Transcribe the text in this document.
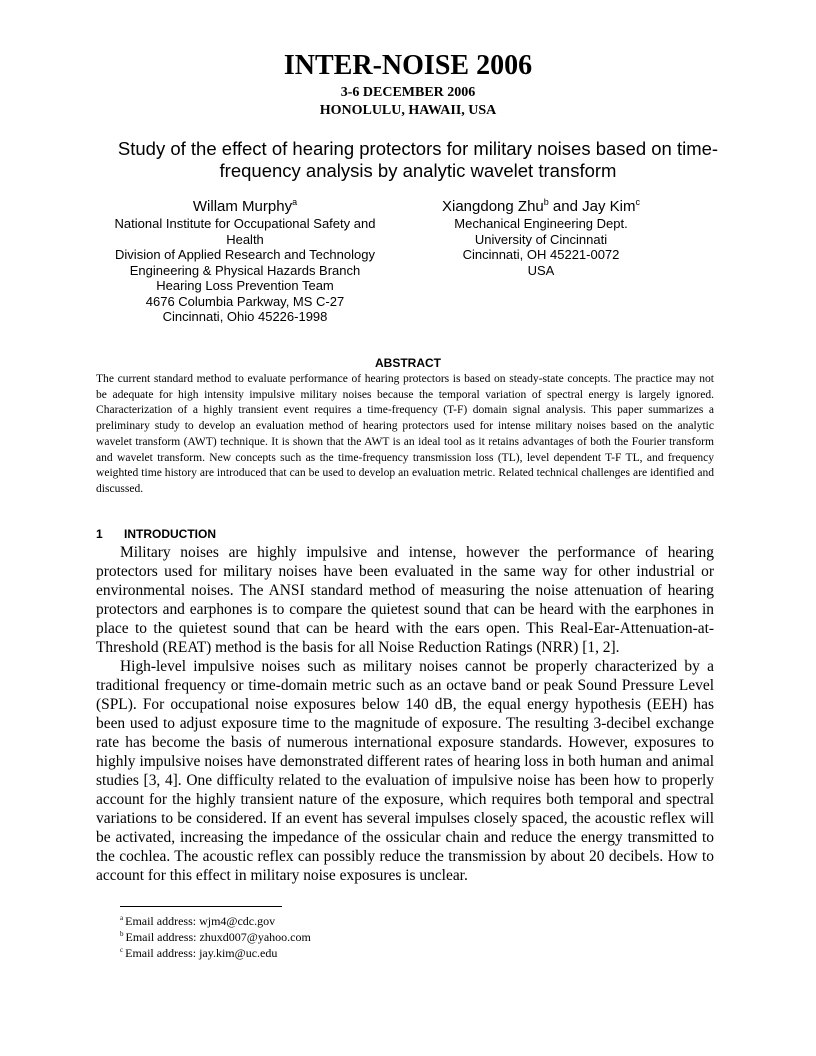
INTER-NOISE 2006
3-6 DECEMBER 2006
HONOLULU, HAWAII, USA
Study of the effect of hearing protectors for military noises based on time-frequency analysis by analytic wavelet transform
Willam Murphy$^a$
National Institute for Occupational Safety and Health
Division of Applied Research and Technology
Engineering & Physical Hazards Branch
Hearing Loss Prevention Team
4676 Columbia Parkway, MS C-27
Cincinnati, Ohio 45226-1998
Xiangdong Zhu$^b$ and Jay Kim$^c$
Mechanical Engineering Dept.
University of Cincinnati
Cincinnati, OH 45221-0072
USA
ABSTRACT
The current standard method to evaluate performance of hearing protectors is based on steady-state concepts. The practice may not be adequate for high intensity impulsive military noises because the temporal variation of spectral energy is largely ignored. Characterization of a highly transient event requires a time-frequency (T-F) domain signal analysis. This paper summarizes a preliminary study to develop an evaluation method of hearing protectors used for intense military noises based on the analytic wavelet transform (AWT) technique. It is shown that the AWT is an ideal tool as it retains advantages of both the Fourier transform and wavelet transform. New concepts such as the time-frequency transmission loss (TL), level dependent T-F TL, and frequency weighted time history are introduced that can be used to develop an evaluation metric. Related technical challenges are identified and discussed.
1 INTRODUCTION

Military noises are highly impulsive and intense, however the performance of hearing protectors used for military noises have been evaluated in the same way for other industrial or environmental noises. The ANSI standard method of measuring the noise attenuation of hearing protectors and earphones is to compare the quietest sound that can be heard with the earphones in place to the quietest sound that can be heard with the ears open. This Real-Ear-Attenuation-at-Threshold (REAT) method is the basis for all Noise Reduction Ratings (NRR) [1, 2].

High-level impulsive noises such as military noises cannot be properly characterized by a traditional frequency or time-domain metric such as an octave band or peak Sound Pressure Level (SPL). For occupational noise exposures below 140 dB, the equal energy hypothesis (EEH) has been used to adjust exposure time to the magnitude of exposure. The resulting 3-decibel exchange rate has become the basis of numerous international exposure standards. However, exposures to highly impulsive noises have demonstrated different rates of hearing loss in both human and animal studies [3, 4]. One difficulty related to the evaluation of impulsive noise has been how to properly account for the highly transient nature of the exposure, which requires both temporal and spectral variations to be considered. If an event has several impulses closely spaced, the acoustic reflex will be activated, increasing the impedance of the ossicular chain and reduce the energy transmitted to the cochlea. The acoustic reflex can possibly reduce the transmission by about 20 decibels. How to account for this effect in military noise exposures is unclear.

$^a$ Email address: wjm4@cdc.gov
$^b$ Email address: zhuxd007@yahoo.com
$^c$ Email address: jay.kim@uc.edu
